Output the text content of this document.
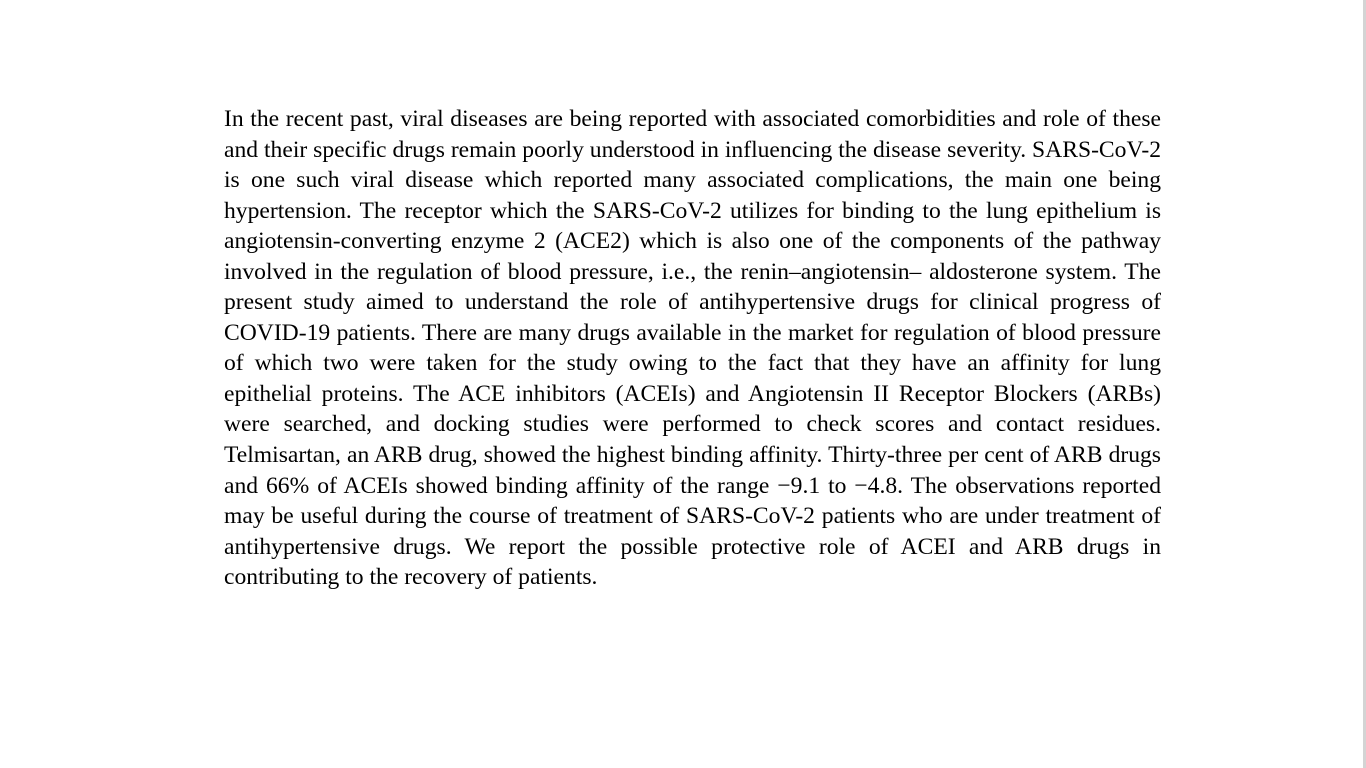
In the recent past, viral diseases are being reported with associated comorbidities and role of these and their specific drugs remain poorly understood in influencing the disease severity. SARS-CoV-2 is one such viral disease which reported many associated complications, the main one being hypertension. The receptor which the SARS-CoV-2 utilizes for binding to the lung epithelium is angiotensin-converting enzyme 2 (ACE2) which is also one of the components of the pathway involved in the regulation of blood pressure, i.e., the renin–angiotensin– aldosterone system. The present study aimed to understand the role of antihypertensive drugs for clinical progress of COVID-19 patients. There are many drugs available in the market for regulation of blood pressure of which two were taken for the study owing to the fact that they have an affinity for lung epithelial proteins. The ACE inhibitors (ACEIs) and Angiotensin II Receptor Blockers (ARBs) were searched, and docking studies were performed to check scores and contact residues. Telmisartan, an ARB drug, showed the highest binding affinity. Thirty-three per cent of ARB drugs and 66% of ACEIs showed binding affinity of the range −9.1 to −4.8. The observations reported may be useful during the course of treatment of SARS-CoV-2 patients who are under treatment of antihypertensive drugs. We report the possible protective role of ACEI and ARB drugs in contributing to the recovery of patients.
